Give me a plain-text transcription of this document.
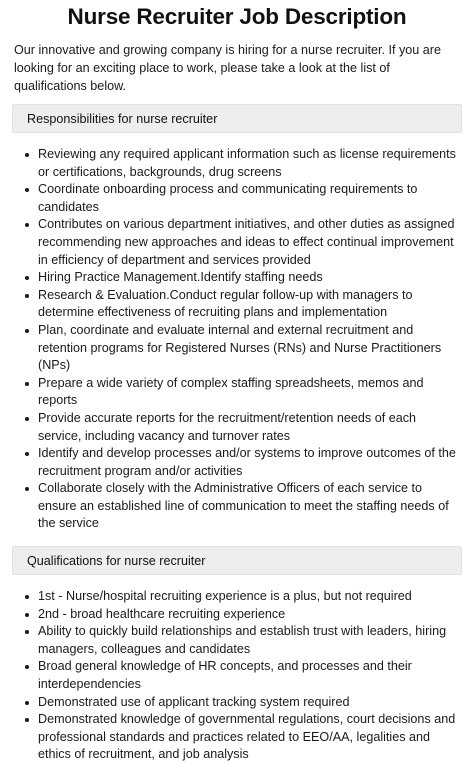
Nurse Recruiter Job Description

Our innovative and growing company is hiring for a nurse recruiter. If you are looking for an exciting place to work, please take a look at the list of qualifications below.

Responsibilities for nurse recruiter
Reviewing any required applicant information such as license requirements or certifications, backgrounds, drug screens
Coordinate onboarding process and communicating requirements to candidates
Contributes on various department initiatives, and other duties as assigned recommending new approaches and ideas to effect continual improvement in efficiency of department and services provided
Hiring Practice Management.Identify staffing needs
Research & Evaluation.Conduct regular follow-up with managers to determine effectiveness of recruiting plans and implementation
Plan, coordinate and evaluate internal and external recruitment and retention programs for Registered Nurses (RNs) and Nurse Practitioners (NPs)
Prepare a wide variety of complex staffing spreadsheets, memos and reports
Provide accurate reports for the recruitment/retention needs of each service, including vacancy and turnover rates
Identify and develop processes and/or systems to improve outcomes of the recruitment program and/or activities
Collaborate closely with the Administrative Officers of each service to ensure an established line of communication to meet the staffing needs of the service
Qualifications for nurse recruiter
1st - Nurse/hospital recruiting experience is a plus, but not required
2nd - broad healthcare recruiting experience
Ability to quickly build relationships and establish trust with leaders, hiring managers, colleagues and candidates
Broad general knowledge of HR concepts, and processes and their interdependencies
Demonstrated use of applicant tracking system required
Demonstrated knowledge of governmental regulations, court decisions and professional standards and practices related to EEO/AA, legalities and ethics of recruitment, and job analysis
